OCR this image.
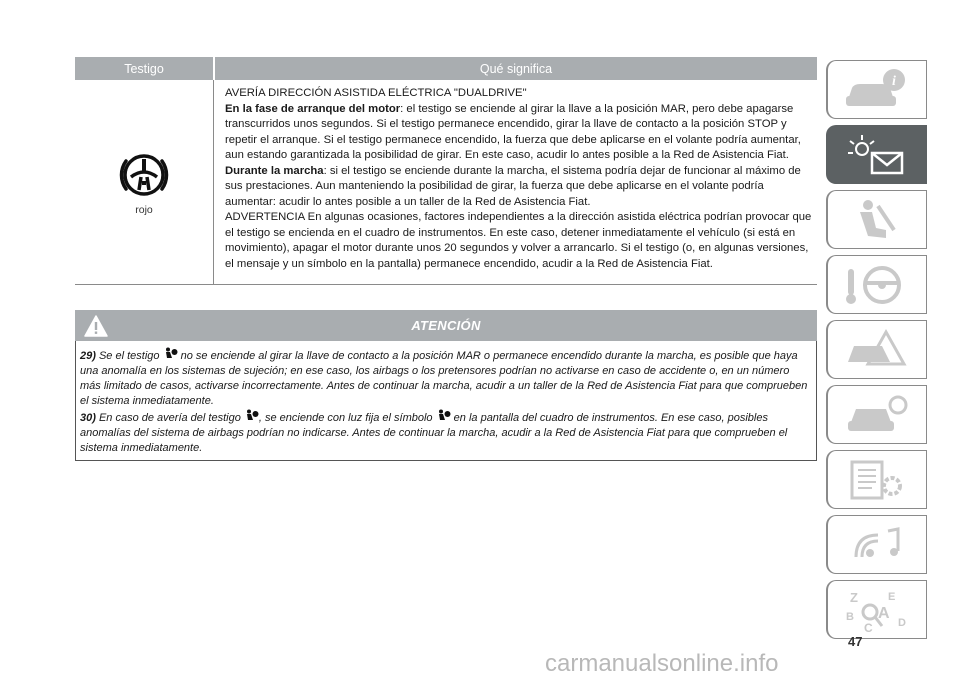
Testigo	Qué significa
rojo

AVERÍA DIRECCIÓN ASISTIDA ELÉCTRICA "DUALDRIVE"

En la fase de arranque del motor: el testigo se enciende al girar la llave a la posición MAR, pero debe apagarse transcurridos unos segundos. Si el testigo permanece encendido, girar la llave de contacto a la posición STOP y repetir el arranque. Si el testigo permanece encendido, la fuerza que debe aplicarse en el volante podría aumentar, aun estando garantizada la posibilidad de girar. En este caso, acudir lo antes posible a la Red de Asistencia Fiat.

Durante la marcha: si el testigo se enciende durante la marcha, el sistema podría dejar de funcionar al máximo de sus prestaciones. Aun manteniendo la posibilidad de girar, la fuerza que debe aplicarse en el volante podría aumentar: acudir lo antes posible a un taller de la Red de Asistencia Fiat.

ADVERTENCIA En algunas ocasiones, factores independientes a la dirección asistida eléctrica podrían provocar que el testigo se encienda en el cuadro de instrumentos. En este caso, detener inmediatamente el vehículo (si está en movimiento), apagar el motor durante unos 20 segundos y volver a arrancarlo. Si el testigo (o, en algunas versiones, el mensaje y un símbolo en la pantalla) permanece encendido, acudir a la Red de Asistencia Fiat.

ATENCIÓN

29) Se el testigo  no se enciende al girar la llave de contacto a la posición MAR o permanece encendido durante la marcha, es posible que haya una anomalía en los sistemas de sujeción; en ese caso, los airbags o los pretensores podrían no activarse en caso de accidente o, en un número más limitado de casos, activarse incorrectamente. Antes de continuar la marcha, acudir a un taller de la Red de Asistencia Fiat para que comprueben el sistema inmediatamente.

30) En caso de avería del testigo , se enciende con luz fija el símbolo  en la pantalla del cuadro de instrumentos. En ese caso, posibles anomalías del sistema de airbags podrían no indicarse. Antes de continuar la marcha, acudir a la Red de Asistencia Fiat para que comprueben el sistema inmediatamente.

i
Z	E
B A
D
C
47
carmanualsonline.info
